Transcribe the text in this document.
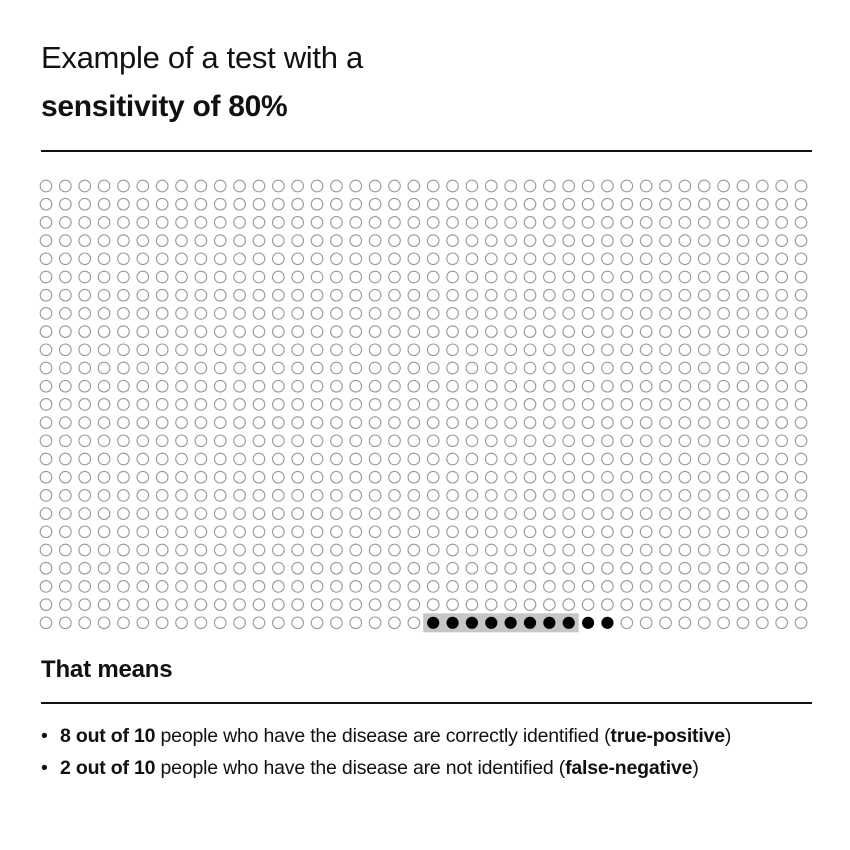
Example of a test with a
sensitivity of 80%
That means
• 8 out of 10 people who have the disease are correctly identified (true-positive)
• 2 out of 10 people who have the disease are not identified (false-negative)
